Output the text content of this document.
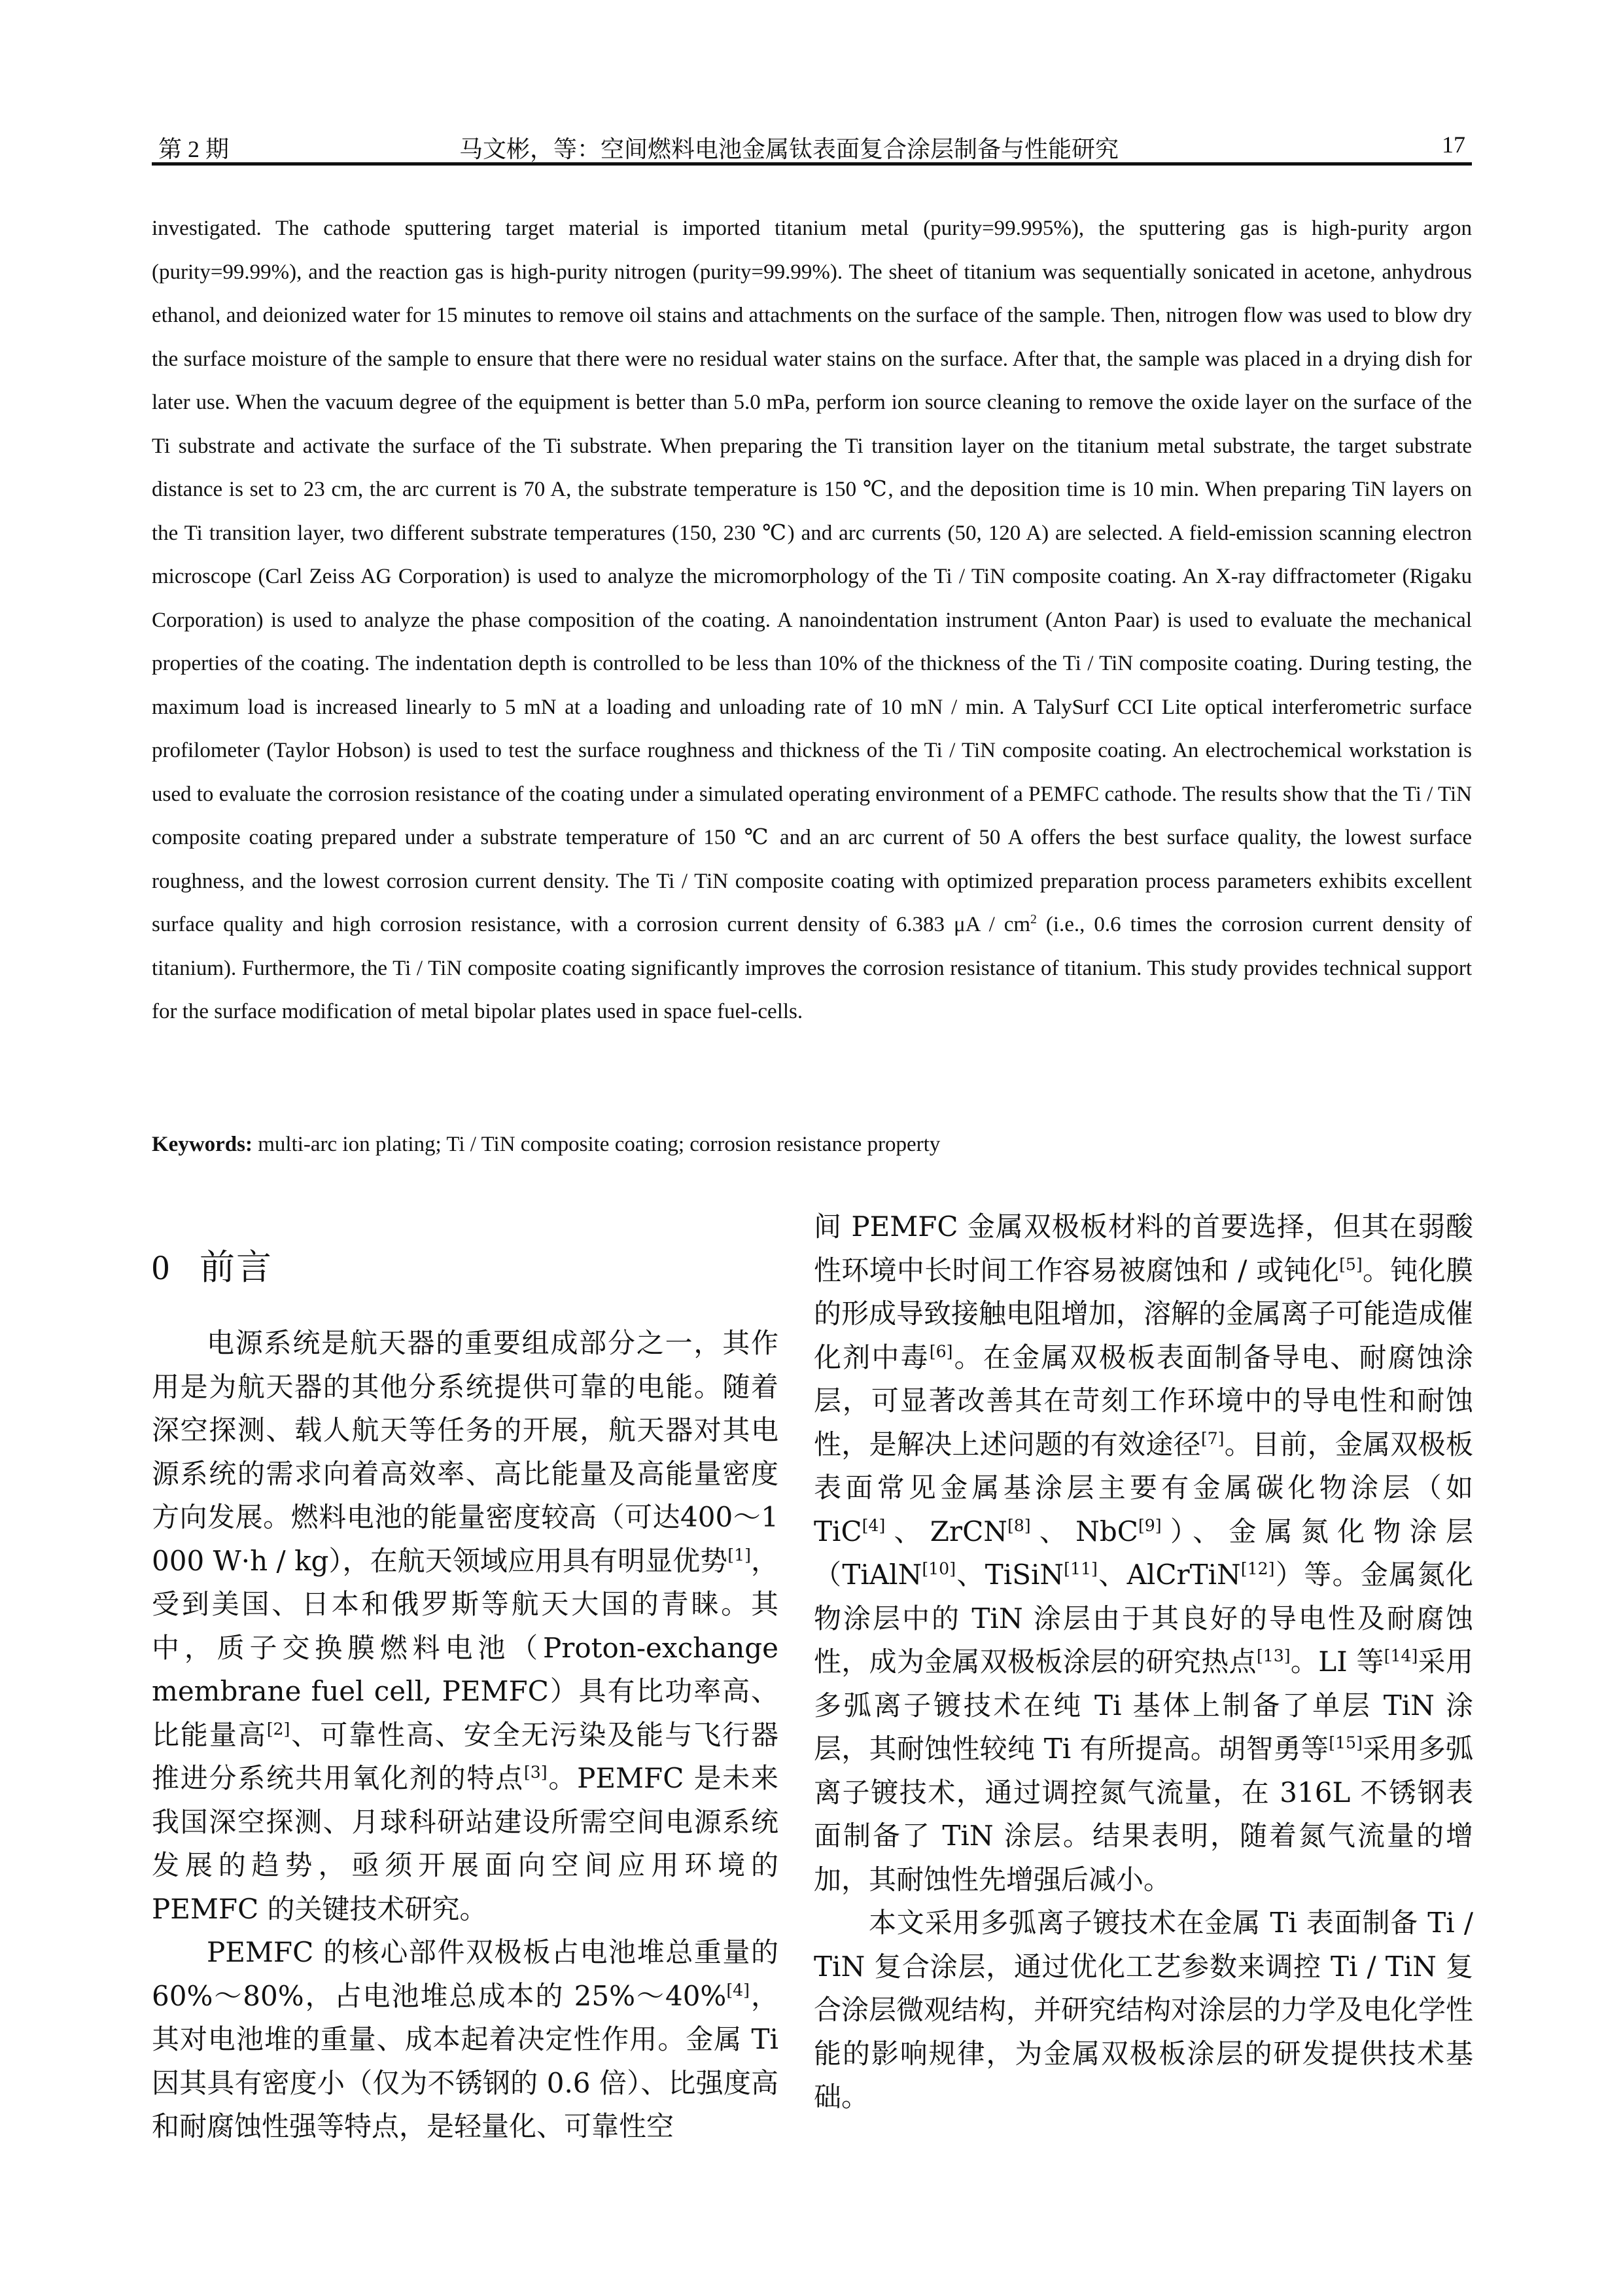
第 2 期	马文彬，等：空间燃料电池金属钛表面复合涂层制备与性能研究	17

investigated. The cathode sputtering target material is imported titanium metal (purity=99.995%), the sputtering gas is high-purity argon (purity=99.99%), and the reaction gas is high-purity nitrogen (purity=99.99%). The sheet of titanium was sequentially sonicated in acetone, anhydrous ethanol, and deionized water for 15 minutes to remove oil stains and attachments on the surface of the sample. Then, nitrogen flow was used to blow dry the surface moisture of the sample to ensure that there were no residual water stains on the surface. After that, the sample was placed in a drying dish for later use. When the vacuum degree of the equipment is better than 5.0 mPa, perform ion source cleaning to remove the oxide layer on the surface of the Ti substrate and activate the surface of the Ti substrate. When preparing the Ti transition layer on the titanium metal substrate, the target substrate distance is set to 23 cm, the arc current is 70 A, the substrate temperature is 150 ℃, and the deposition time is 10 min. When preparing TiN layers on the Ti transition layer, two different substrate temperatures (150, 230 ℃) and arc currents (50, 120 A) are selected. A field-emission scanning electron microscope (Carl Zeiss AG Corporation) is used to analyze the micromorphology of the Ti / TiN composite coating. An X-ray diffractometer (Rigaku Corporation) is used to analyze the phase composition of the coating. A nanoindentation instrument (Anton Paar) is used to evaluate the mechanical properties of the coating. The indentation depth is controlled to be less than 10% of the thickness of the Ti / TiN composite coating. During testing, the maximum load is increased linearly to 5 mN at a loading and unloading rate of 10 mN / min. A TalySurf CCI Lite optical interferometric surface profilometer (Taylor Hobson) is used to test the surface roughness and thickness of the Ti / TiN composite coating. An electrochemical workstation is used to evaluate the corrosion resistance of the coating under a simulated operating environment of a PEMFC cathode. The results show that the Ti / TiN composite coating prepared under a substrate temperature of 150 ℃ and an arc current of 50 A offers the best surface quality, the lowest surface roughness, and the lowest corrosion current density. The Ti / TiN composite coating with optimized preparation process parameters exhibits excellent surface quality and high corrosion resistance, with a corrosion current density of 6.383 μA / $cm^2$ (i.e., 0.6 times the corrosion current density of titanium). Furthermore, the Ti / TiN composite coating significantly improves the corrosion resistance of titanium. This study provides technical support for the surface modification of metal bipolar plates used in space fuel-cells.

Keywords: multi-arc ion plating; Ti / TiN composite coating; corrosion resistance property
0 前言

电源系统是航天器的重要组成部分之一，其作用是为航天器的其他分系统提供可靠的电能。随着深空探测、载人航天等任务的开展，航天器对其电源系统的需求向着高效率、高比能量及高能量密度方向发展。燃料电池的能量密度较高（可达400～1 000 W·h / kg），在航天领域应用具有明显优势[1]，受到美国、日本和俄罗斯等航天大国的青睐。其中，质子交换膜燃料电池（Proton-exchange membrane fuel cell, PEMFC）具有比功率高、比能量高[2]、可靠性高、安全无污染及能与飞行器推进分系统共用氧化剂的特点[3]。PEMFC 是未来我国深空探测、月球科研站建设所需空间电源系统发展的趋势，亟须开展面向空间应用环境的 PEMFC 的关键技术研究。

PEMFC 的核心部件双极板占电池堆总重量的 60%～80%，占电池堆总成本的 25%～40%[4]，其对电池堆的重量、成本起着决定性作用。金属 Ti 因其具有密度小（仅为不锈钢的 0.6 倍）、比强度高和耐腐蚀性强等特点，是轻量化、可靠性空

间 PEMFC 金属双极板材料的首要选择，但其在弱酸性环境中长时间工作容易被腐蚀和 / 或钝化[5]。钝化膜的形成导致接触电阻增加，溶解的金属离子可能造成催化剂中毒[6]。在金属双极板表面制备导电、耐腐蚀涂层，可显著改善其在苛刻工作环境中的导电性和耐蚀性，是解决上述问题的有效途径[7]。目前，金属双极板表面常见金属基涂层主要有金属碳化物涂层（如 TiC[4]、ZrCN[8]、NbC[9]）、金属氮化物涂层（TiAlN[10]、TiSiN[11]、AlCrTiN[12]）等。金属氮化物涂层中的 TiN 涂层由于其良好的导电性及耐腐蚀性，成为金属双极板涂层的研究热点[13]。LI 等[14]采用多弧离子镀技术在纯 Ti 基体上制备了单层 TiN 涂层，其耐蚀性较纯 Ti 有所提高。胡智勇等[15]采用多弧离子镀技术，通过调控氮气流量，在 316L 不锈钢表面制备了 TiN 涂层。结果表明，随着氮气流量的增加，其耐蚀性先增强后减小。

本文采用多弧离子镀技术在金属 Ti 表面制备 Ti / TiN 复合涂层，通过优化工艺参数来调控 Ti / TiN 复合涂层微观结构，并研究结构对涂层的力学及电化学性能的影响规律，为金属双极板涂层的研发提供技术基础。
